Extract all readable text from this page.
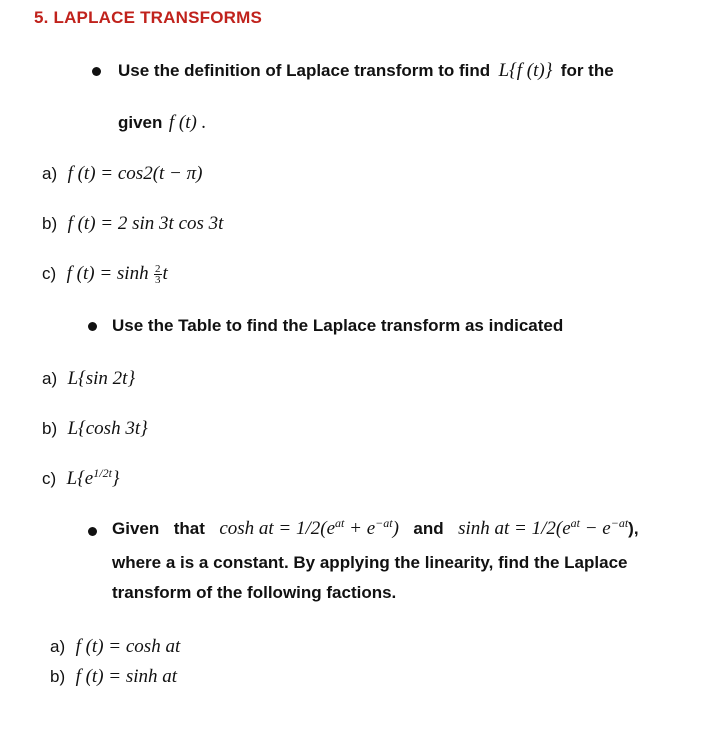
5. LAPLACE TRANSFORMS
Use the definition of Laplace transform to find L{f (t)} for the
given f (t) .
a) f (t) = cos2(t − π)
b) f (t) = 2 sin 3t cos 3t
c) f $(t) = \sinh \frac{2}{3}$ t
Use the Table to find the Laplace transform as indicated
a) L{sin 2t}
b) L{cosh 3t}
c) $L\{e^{1/2t}\}$
Given that cosh at = $1/2(e^{at} + e^{-at})$ and sinh at = $1/2(e^{at} - e^{-at})$,
where a is a constant. By applying the linearity, find the Laplace
transform of the following factions.
a) f (t) = cosh at
b) f (t) = sinh at
